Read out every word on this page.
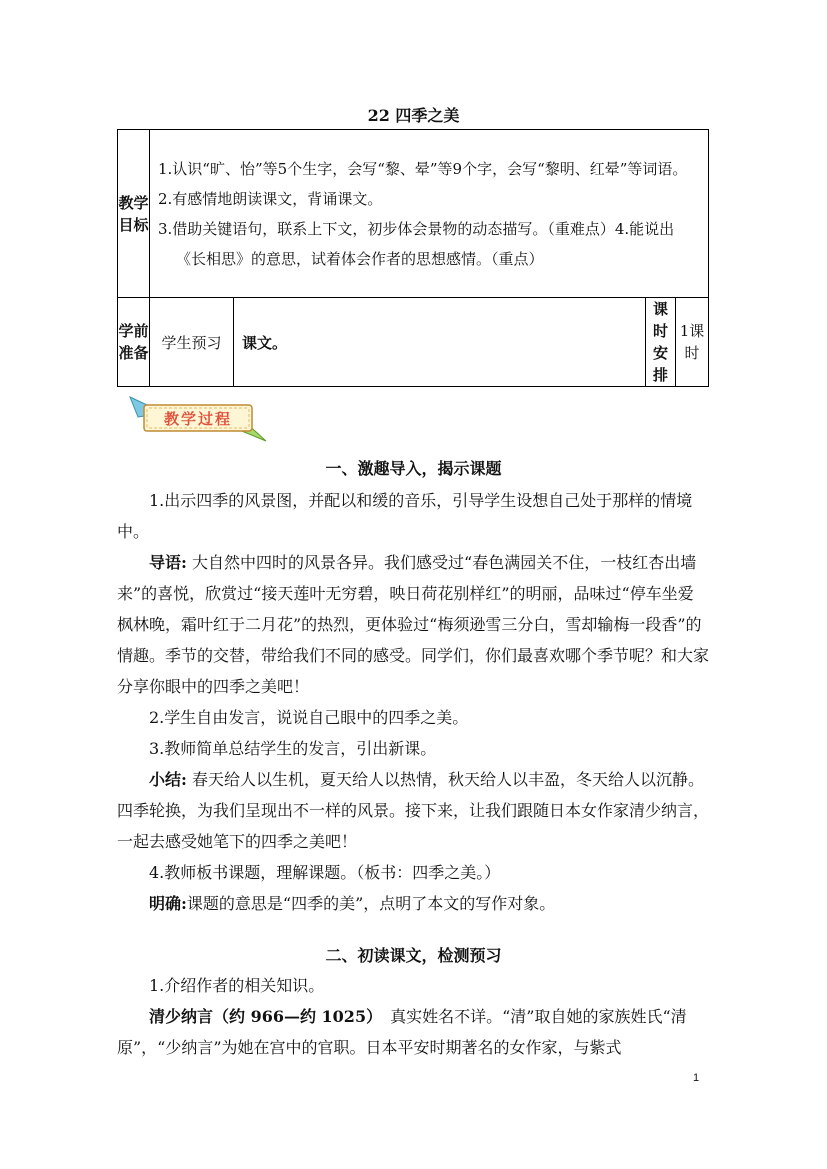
22 四季之美
教学目标	1.认识“旷、怡”等5个生字，会写“黎、晕”等9个字，会写“黎明、红晕”等词语。
2.有感情地朗读课文，背诵课文。
3.借助关键语句，联系上下文，初步体会景物的动态描写。（重难点）4.能说出《长相思》的意思，试着体会作者的思想感情。（重点）			

学前准备	学生预习	课文。	课时安排	1课时
教学过程
一、激趣导入，揭示课题

1.出示四季的风景图，并配以和缓的音乐，引导学生设想自己处于那样的情境中。

导语: 大自然中四时的风景各异。我们感受过“春色满园关不住，一枝红杏出墙来”的喜悦，欣赏过“接天莲叶无穷碧，映日荷花别样红”的明丽，品味过“停车坐爱枫林晚，霜叶红于二月花”的热烈，更体验过“梅须逊雪三分白，雪却输梅一段香”的情趣。季节的交替，带给我们不同的感受。同学们，你们最喜欢哪个季节呢？和大家分享你眼中的四季之美吧！

2.学生自由发言，说说自己眼中的四季之美。

3.教师简单总结学生的发言，引出新课。

小结: 春天给人以生机，夏天给人以热情，秋天给人以丰盈，冬天给人以沉静。四季轮换，为我们呈现出不一样的风景。接下来，让我们跟随日本女作家清少纳言，一起去感受她笔下的四季之美吧！

4.教师板书课题，理解课题。（板书：四季之美。）

明确:课题的意思是“四季的美”，点明了本文的写作对象。

二、初读课文，检测预习

1.介绍作者的相关知识。

清少纳言（约 966—约 1025）　真实姓名不详。“清”取自她的家族姓氏“清原”，“少纳言”为她在宫中的官职。日本平安时期著名的女作家，与紫式

1
